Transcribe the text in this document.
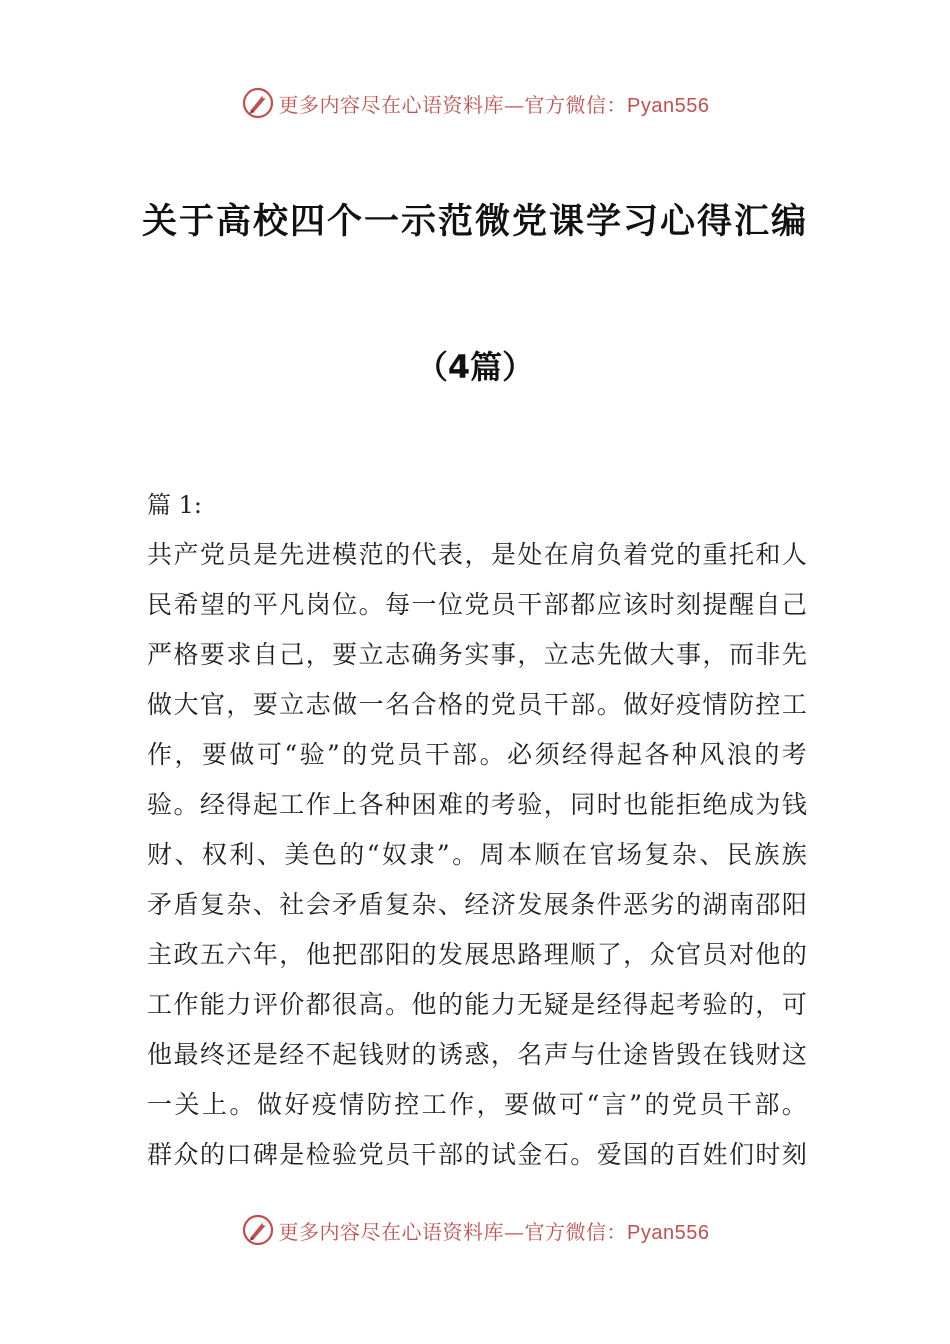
更多内容尽在心语资料库—官方微信：Pyan556
关于高校四个一示范微党课学习心得汇编
（4篇）
篇 1:
共 产 党 员 是 先 进 模 范 的 代 表 ， 是 处 在 肩 负 着 党 的 重 托 和 人
民 希 望 的 平 凡 岗 位 。 每 一 位 党 员 干 部 都 应 该 时 刻 提 醒 自 己
严 格 要 求 自 己 ， 要 立 志 确 务 实 事 ， 立 志 先 做 大 事 ， 而 非 先
做 大 官 ， 要 立 志 做 一 名 合 格 的 党 员 干 部 。 做 好 疫 情 防 控 工
作 ， 要 做 可 “ 验 ” 的 党 员 干 部 。 必 须 经 得 起 各 种 风 浪 的 考
验 。 经 得 起 工 作 上 各 种 困 难 的 考 验 ， 同 时 也 能 拒 绝 成 为 钱
财 、 权 利 、 美 色 的 “ 奴 隶 ” 。 周 本 顺 在 官 场 复 杂 、 民 族 族
矛 盾 复 杂 、 社 会 矛 盾 复 杂 、 经 济 发 展 条 件 恶 劣 的 湖 南 邵 阳
主 政 五 六 年 ， 他 把 邵 阳 的 发 展 思 路 理 顺 了 ， 众 官 员 对 他 的
工 作 能 力 评 价 都 很 高 。 他 的 能 力 无 疑 是 经 得 起 考 验 的 ， 可
他 最 终 还 是 经 不 起 钱 财 的 诱 惑 ， 名 声 与 仕 途 皆 毁 在 钱 财 这
一 关 上 。 做 好 疫 情 防 控 工 作 ， 要 做 可 “ 言 ” 的 党 员 干 部 。
群 众 的 口 碑 是 检 验 党 员 干 部 的 试 金 石 。 爱 国 的 百 姓 们 时 刻
更多内容尽在心语资料库—官方微信：Pyan556
